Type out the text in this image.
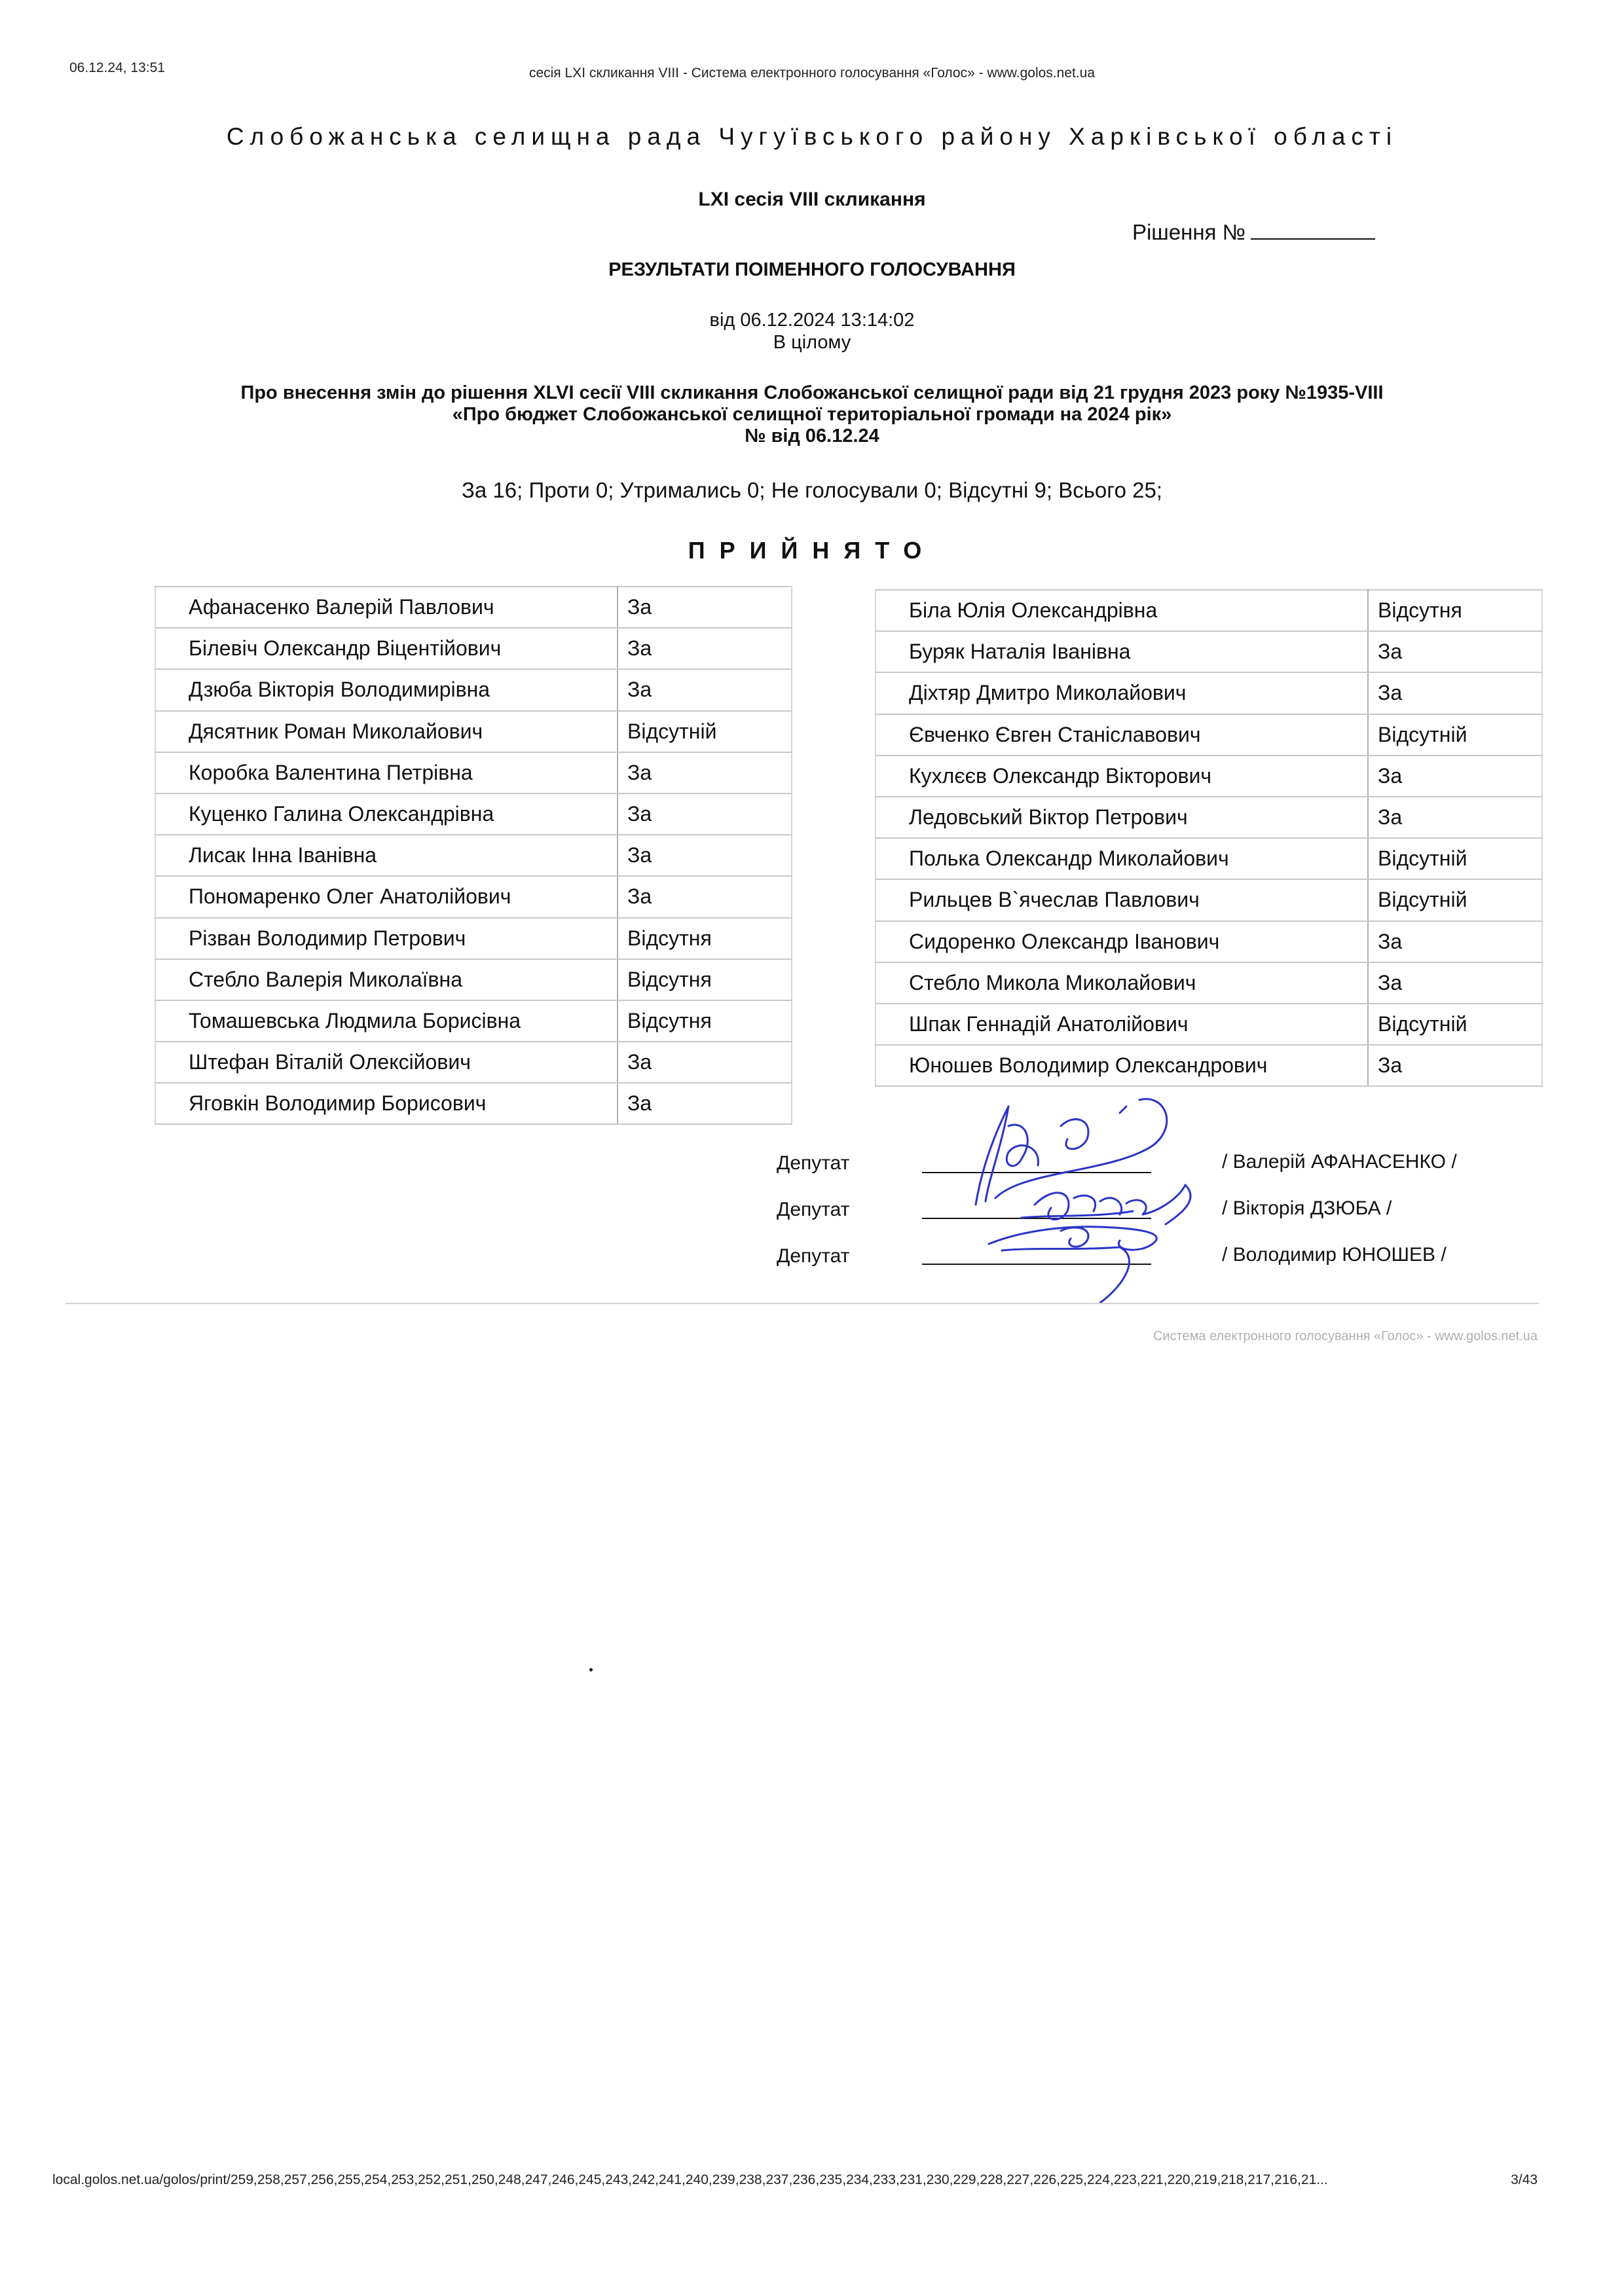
06.12.24, 13:51	сесія LXI скликання VIII - Система електронного голосування «Голос» - www.golos.net.ua
Слобожанська селищна рада Чугуївського району Харківської області
LXI сесія VIII скликання
Рішення №
РЕЗУЛЬТАТИ ПОІМЕННОГО ГОЛОСУВАННЯ
від 06.12.2024 13:14:02
В цілому
Про внесення змін до рішення XLVI сесії VIII скликання Слобожанської селищної ради від 21 грудня 2023 року №1935-VIII
«Про бюджет Слобожанської селищної територіальної громади на 2024 рік»
№ від 06.12.24
За 16; Проти 0; Утримались 0; Не голосували 0; Відсутні 9; Всього 25;
ПРИЙНЯТО
Афанасенко Валерій Павлович	За
Білевіч Олександр Віцентійович	За
Дзюба Вікторія Володимирівна	За
Дясятник Роман Миколайович	Відсутній
Коробка Валентина Петрівна	За
Куценко Галина Олександрівна	За
Лисак Інна Іванівна	За
Пономаренко Олег Анатолійович	За
Різван Володимир Петрович	Відсутня
Стебло Валерія Миколаївна	Відсутня
Томашевська Людмила Борисівна	Відсутня
Штефан Віталій Олексійович	За
Яговкін Володимир Борисович	За
Біла Юлія Олександрівна	Відсутня
Буряк Наталія Іванівна	За
Діхтяр Дмитро Миколайович	За
Євченко Євген Станіславович	Відсутній
Кухлєєв Олександр Вікторович	За
Ледовський Віктор Петрович	За
Полька Олександр Миколайович	Відсутній
Рильцев В`ячеслав Павлович	Відсутній
Сидоренко Олександр Іванович	За
Стебло Микола Миколайович	За
Шпак Геннадій Анатолійович	Відсутній
Юношев Володимир Олександрович	За
Депутат	/ Валерій АФАНАСЕНКО /
Депутат	/ Вікторія ДЗЮБА /
Депутат	/ Володимир ЮНОШЕВ /
Система електронного голосування «Голос» - www.golos.net.ua
local.golos.net.ua/golos/print/259,258,257,256,255,254,253,252,251,250,248,247,246,245,243,242,241,240,239,238,237,236,235,234,233,231,230,229,228,227,226,225,224,223,221,220,219,218,217,216,21...	3/43
